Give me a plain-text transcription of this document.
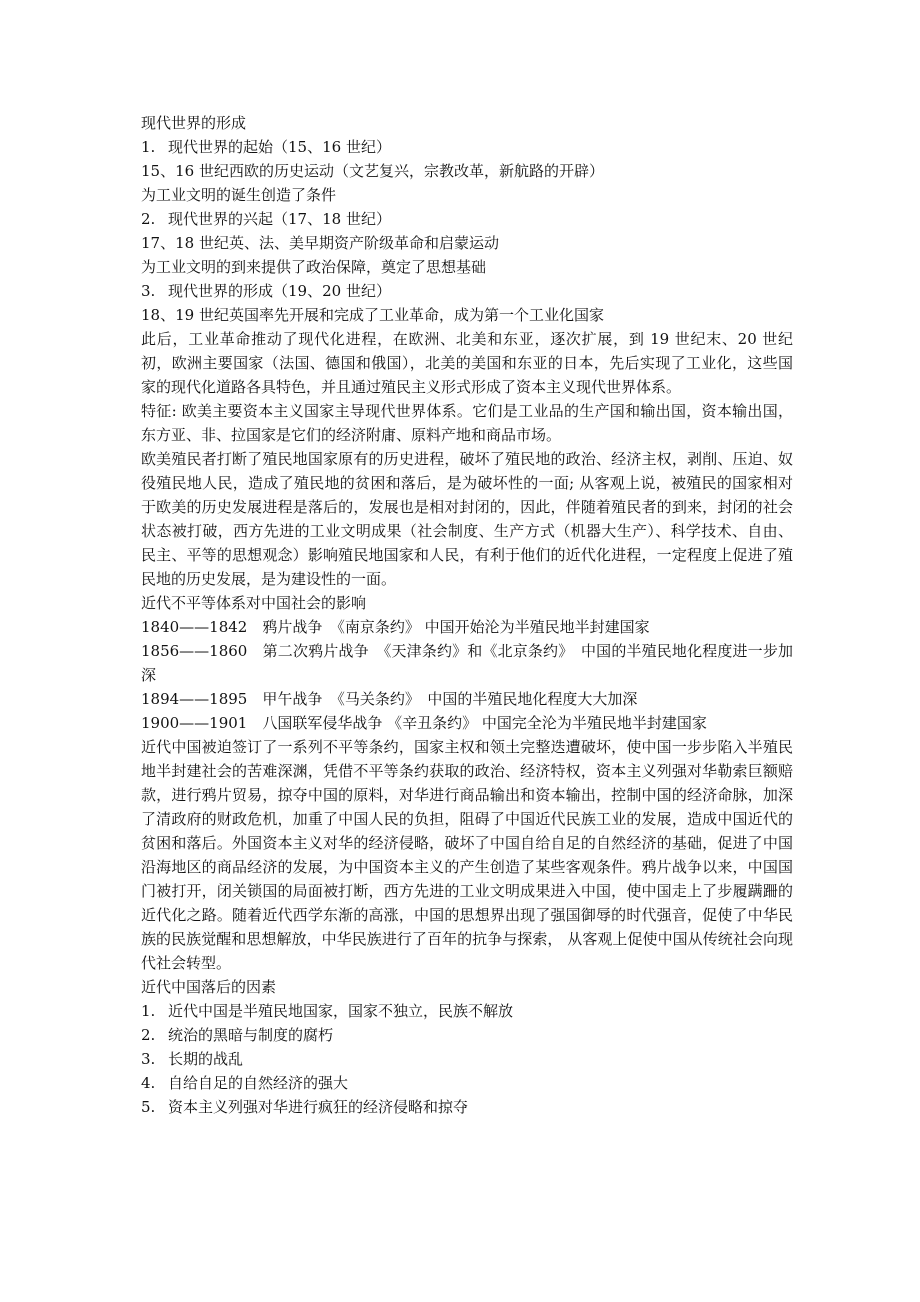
现代世界的形成
1. 现代世界的起始（15、16 世纪）
15、16 世纪西欧的历史运动（文艺复兴，宗教改革，新航路的开辟）
为工业文明的诞生创造了条件
2. 现代世界的兴起（17、18 世纪）
17、18 世纪英、法、美早期资产阶级革命和启蒙运动
为工业文明的到来提供了政治保障，奠定了思想基础
3. 现代世界的形成（19、20 世纪）
18、19 世纪英国率先开展和完成了工业革命，成为第一个工业化国家
此后，工业革命推动了现代化进程，在欧洲、北美和东亚，逐次扩展，到 19 世纪末、20 世纪初，欧洲主要国家（法国、德国和俄国），北美的美国和东亚的日本，先后实现了工业化，这些国家的现代化道路各具特色，并且通过殖民主义形式形成了资本主义现代世界体系。
特征: 欧美主要资本主义国家主导现代世界体系。它们是工业品的生产国和输出国，资本输出国，东方亚、非、拉国家是它们的经济附庸、原料产地和商品市场。
欧美殖民者打断了殖民地国家原有的历史进程，破坏了殖民地的政治、经济主权，剥削、压迫、奴役殖民地人民，造成了殖民地的贫困和落后，是为破坏性的一面; 从客观上说，被殖民的国家相对于欧美的历史发展进程是落后的，发展也是相对封闭的，因此，伴随着殖民者的到来，封闭的社会状态被打破，西方先进的工业文明成果（社会制度、生产方式（机器大生产）、科学技术、自由、民主、平等的思想观念）影响殖民地国家和人民，有利于他们的近代化进程，一定程度上促进了殖民地的历史发展，是为建设性的一面。
近代不平等体系对中国社会的影响
1840——1842　鸦片战争　《南京条约》 中国开始沦为半殖民地半封建国家
1856——1860　第二次鸦片战争　《天津条约》和《北京条约》　中国的半殖民地化程度进一步加深
1894——1895　甲午战争　《马关条约》　中国的半殖民地化程度大大加深
1900——1901　八国联军侵华战争 《辛丑条约》 中国完全沦为半殖民地半封建国家
近代中国被迫签订了一系列不平等条约，国家主权和领土完整迭遭破坏，使中国一步步陷入半殖民地半封建社会的苦难深渊，凭借不平等条约获取的政治、经济特权，资本主义列强对华勒索巨额赔款，进行鸦片贸易，掠夺中国的原料，对华进行商品输出和资本输出，控制中国的经济命脉，加深了清政府的财政危机，加重了中国人民的负担，阻碍了中国近代民族工业的发展，造成中国近代的贫困和落后。外国资本主义对华的经济侵略，破坏了中国自给自足的自然经济的基础，促进了中国沿海地区的商品经济的发展，为中国资本主义的产生创造了某些客观条件。鸦片战争以来，中国国门被打开，闭关锁国的局面被打断，西方先进的工业文明成果进入中国，使中国走上了步履蹒跚的近代化之路。随着近代西学东渐的高涨，中国的思想界出现了强国御辱的时代强音，促使了中华民族的民族觉醒和思想解放，中华民族进行了百年的抗争与探索， 从客观上促使中国从传统社会向现代社会转型。
近代中国落后的因素
1. 近代中国是半殖民地国家，国家不独立，民族不解放
2. 统治的黑暗与制度的腐朽
3. 长期的战乱
4. 自给自足的自然经济的强大
5. 资本主义列强对华进行疯狂的经济侵略和掠夺
